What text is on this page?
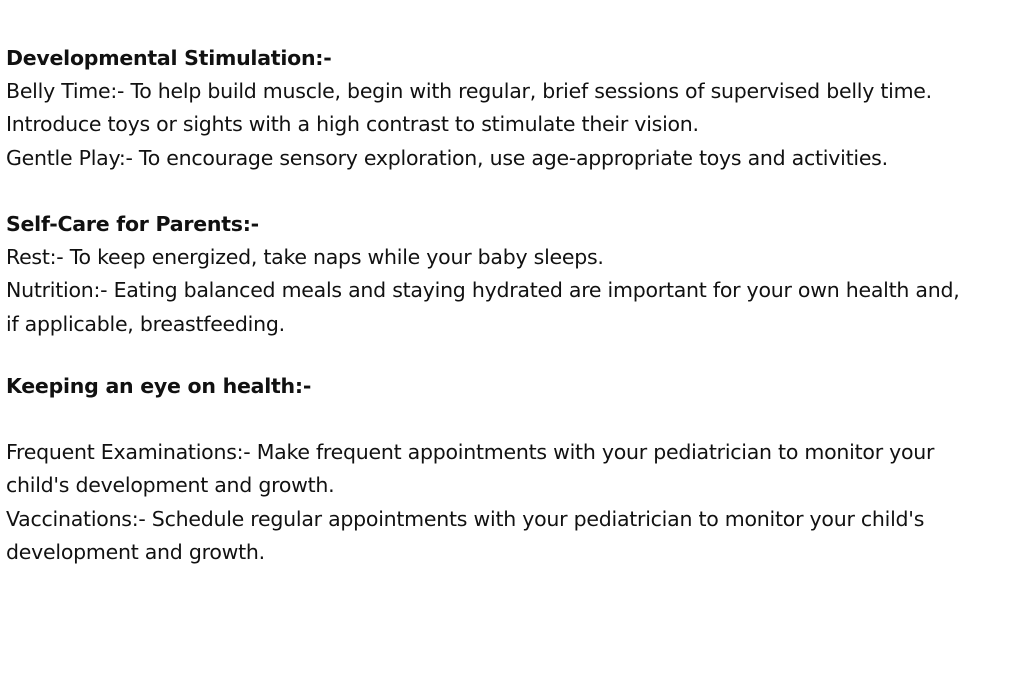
Developmental Stimulation:-
Belly Time:- To help build muscle, begin with regular, brief sessions of supervised belly time.
Introduce toys or sights with a high contrast to stimulate their vision.
Gentle Play:- To encourage sensory exploration, use age-appropriate toys and activities.
Self-Care for Parents:-
Rest:- To keep energized, take naps while your baby sleeps.
Nutrition:- Eating balanced meals and staying hydrated are important for your own health and,
if applicable, breastfeeding.
Keeping an eye on health:-
Frequent Examinations:- Make frequent appointments with your pediatrician to monitor your
child's development and growth.
Vaccinations:- Schedule regular appointments with your pediatrician to monitor your child's
development and growth.
